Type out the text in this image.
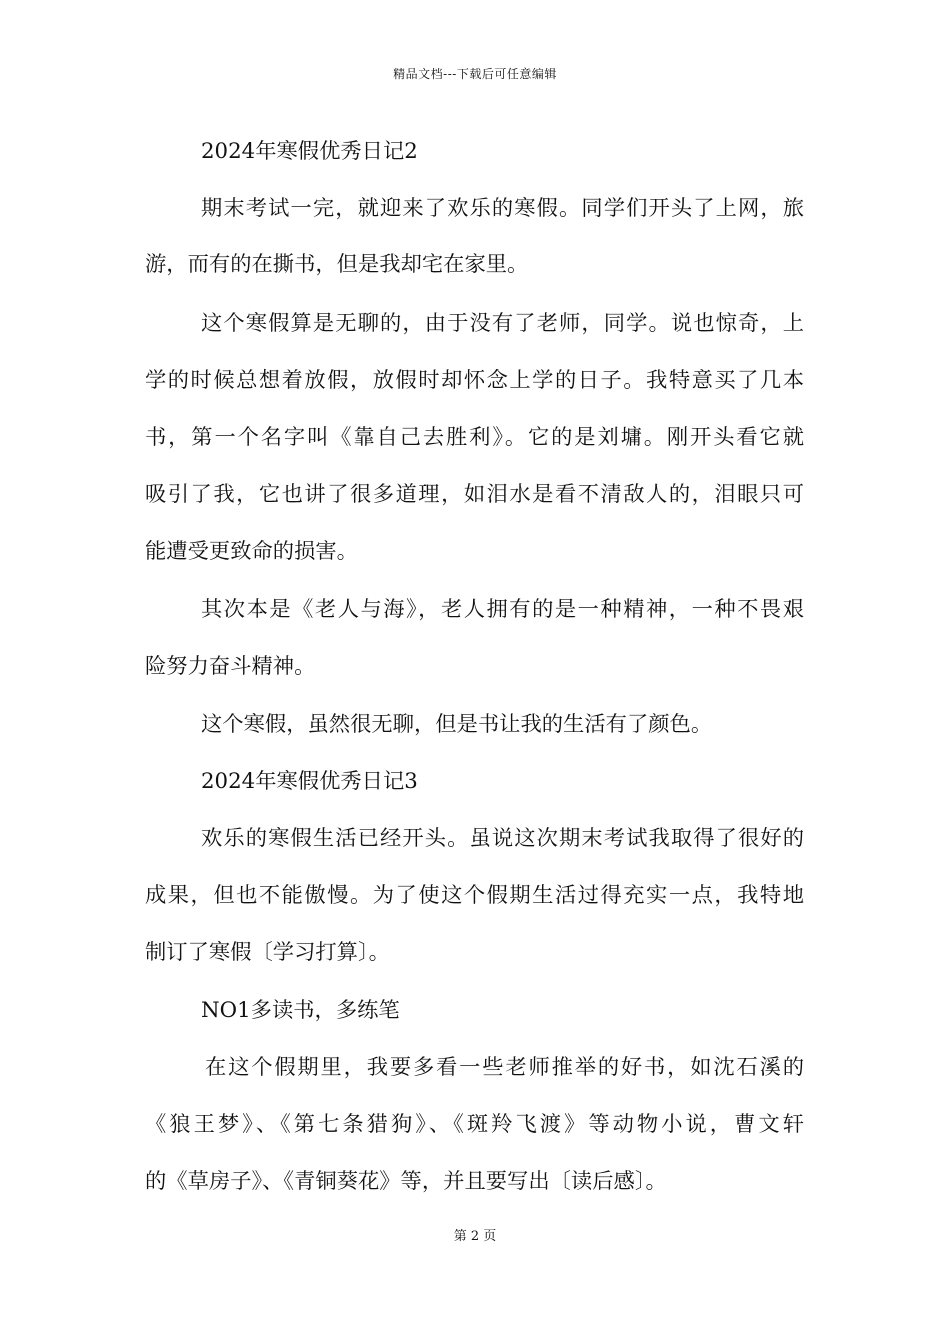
精品文档---下载后可任意编辑
2024年寒假优秀日记2
期末考试一完，就迎来了欢乐的寒假。同学们开头了上网，旅
游，而有的在撕书，但是我却宅在家里。
这个寒假算是无聊的，由于没有了老师，同学。说也惊奇，上
学的时候总想着放假，放假时却怀念上学的日子。我特意买了几本
书，第一个名字叫《靠自己去胜利》。它的是刘墉。刚开头看它就
吸引了我，它也讲了很多道理，如泪水是看不清敌人的，泪眼只可
能遭受更致命的损害。
其次本是《老人与海》，老人拥有的是一种精神，一种不畏艰
险努力奋斗精神。
这个寒假，虽然很无聊，但是书让我的生活有了颜色。
2024年寒假优秀日记3
欢乐的寒假生活已经开头。虽说这次期末考试我取得了很好的
成果，但也不能傲慢。为了使这个假期生活过得充实一点，我特地
制订了寒假〔学习打算〕。
NO1多读书，多练笔
在这个假期里，我要多看一些老师推举的好书，如沈石溪的
《狼王梦》、《第七条猎狗》、《斑羚飞渡》等动物小说，曹文轩
的《草房子》、《青铜葵花》等，并且要写出〔读后感〕。
第 2 页
